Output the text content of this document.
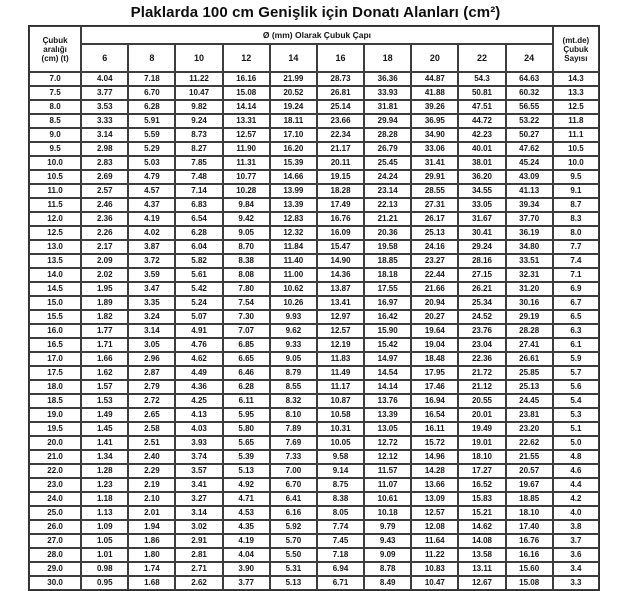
Plaklarda 100 cm Genişlik için Donatı Alanları (cm²)
Çubuk
aralığı
(cm) (t)	Ø (mm) Olarak Çubuk Çapı										(mt.de)
Çubuk
Sayısı
	6	8	10	12	14	16	18	20	22	24	
7.0	4.04	7.18	11.22	16.16	21.99	28.73	36.36	44.87	54.3	64.63	14.3
7.5	3.77	6.70	10.47	15.08	20.52	26.81	33.93	41.88	50.81	60.32	13.3
8.0	3.53	6.28	9.82	14.14	19.24	25.14	31.81	39.26	47.51	56.55	12.5
8.5	3.33	5.91	9.24	13.31	18.11	23.66	29.94	36.95	44.72	53.22	11.8
9.0	3.14	5.59	8.73	12.57	17.10	22.34	28.28	34.90	42.23	50.27	11.1
9.5	2.98	5.29	8.27	11.90	16.20	21.17	26.79	33.06	40.01	47.62	10.5
10.0	2.83	5.03	7.85	11.31	15.39	20.11	25.45	31.41	38.01	45.24	10.0
10.5	2.69	4.79	7.48	10.77	14.66	19.15	24.24	29.91	36.20	43.09	9.5
11.0	2.57	4.57	7.14	10.28	13.99	18.28	23.14	28.55	34.55	41.13	9.1
11.5	2.46	4.37	6.83	9.84	13.39	17.49	22.13	27.31	33.05	39.34	8.7
12.0	2.36	4.19	6.54	9.42	12.83	16.76	21.21	26.17	31.67	37.70	8.3
12.5	2.26	4.02	6.28	9.05	12.32	16.09	20.36	25.13	30.41	36.19	8.0
13.0	2.17	3.87	6.04	8.70	11.84	15.47	19.58	24.16	29.24	34.80	7.7
13.5	2.09	3.72	5.82	8.38	11.40	14.90	18.85	23.27	28.16	33.51	7.4
14.0	2.02	3.59	5.61	8.08	11.00	14.36	18.18	22.44	27.15	32.31	7.1
14.5	1.95	3.47	5.42	7.80	10.62	13.87	17.55	21.66	26.21	31.20	6.9
15.0	1.89	3.35	5.24	7.54	10.26	13.41	16.97	20.94	25.34	30.16	6.7
15.5	1.82	3.24	5.07	7.30	9.93	12.97	16.42	20.27	24.52	29.19	6.5
16.0	1.77	3.14	4.91	7.07	9.62	12.57	15.90	19.64	23.76	28.28	6.3
16.5	1.71	3.05	4.76	6.85	9.33	12.19	15.42	19.04	23.04	27.41	6.1
17.0	1.66	2.96	4.62	6.65	9.05	11.83	14.97	18.48	22.36	26.61	5.9
17.5	1.62	2.87	4.49	6.46	8.79	11.49	14.54	17.95	21.72	25.85	5.7
18.0	1.57	2.79	4.36	6.28	8.55	11.17	14.14	17.46	21.12	25.13	5.6
18.5	1.53	2.72	4.25	6.11	8.32	10.87	13.76	16.94	20.55	24.45	5.4
19.0	1.49	2.65	4.13	5.95	8.10	10.58	13.39	16.54	20.01	23.81	5.3
19.5	1.45	2.58	4.03	5.80	7.89	10.31	13.05	16.11	19.49	23.20	5.1
20.0	1.41	2.51	3.93	5.65	7.69	10.05	12.72	15.72	19.01	22.62	5.0
21.0	1.34	2.40	3.74	5.39	7.33	9.58	12.12	14.96	18.10	21.55	4.8
22.0	1.28	2.29	3.57	5.13	7.00	9.14	11.57	14.28	17.27	20.57	4.6
23.0	1.23	2.19	3.41	4.92	6.70	8.75	11.07	13.66	16.52	19.67	4.4
24.0	1.18	2.10	3.27	4.71	6.41	8.38	10.61	13.09	15.83	18.85	4.2
25.0	1.13	2.01	3.14	4.53	6.16	8.05	10.18	12.57	15.21	18.10	4.0
26.0	1.09	1.94	3.02	4.35	5.92	7.74	9.79	12.08	14.62	17.40	3.8
27.0	1.05	1.86	2.91	4.19	5.70	7.45	9.43	11.64	14.08	16.76	3.7
28.0	1.01	1.80	2.81	4.04	5.50	7.18	9.09	11.22	13.58	16.16	3.6
29.0	0.98	1.74	2.71	3.90	5.31	6.94	8.78	10.83	13.11	15.60	3.4
30.0	0.95	1.68	2.62	3.77	5.13	6.71	8.49	10.47	12.67	15.08	3.3
